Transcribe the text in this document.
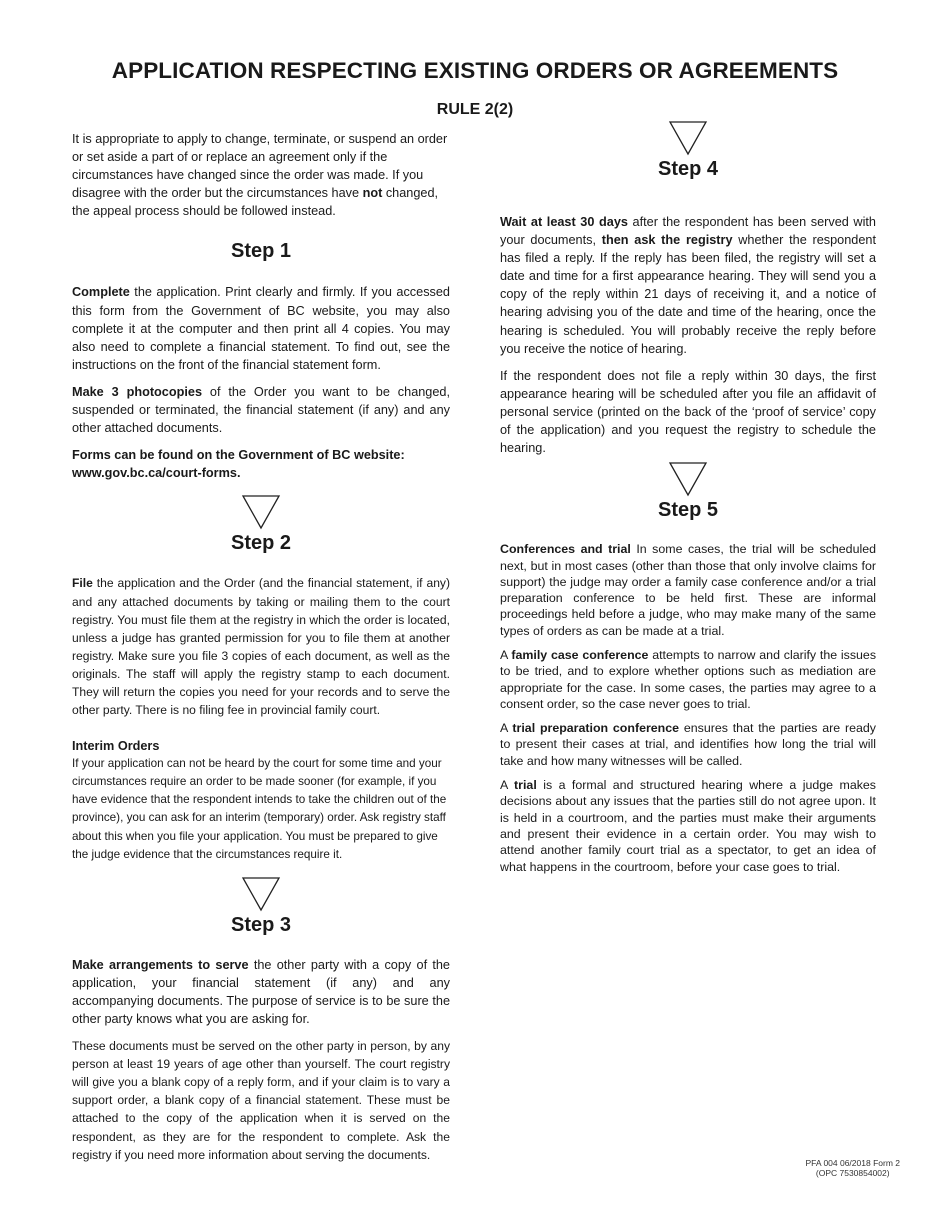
APPLICATION RESPECTING EXISTING ORDERS OR AGREEMENTS
RULE 2(2)

It is appropriate to apply to change, terminate, or suspend an order or set aside a part of or replace an agreement only if the circumstances have changed since the order was made. If you disagree with the order but the circumstances have not changed, the appeal process should be followed instead.

Step 1

Complete the application. Print clearly and firmly. If you accessed this form from the Government of BC website, you may also complete it at the computer and then print all 4 copies. You may also need to complete a financial statement. To find out, see the instructions on the front of the financial statement form.

Make 3 photocopies of the Order you want to be changed, suspended or terminated, the financial statement (if any) and any other attached documents.

Forms can be found on the Government of BC website:
www.gov.bc.ca/court-forms.

Step 2

File the application and the Order (and the financial statement, if any) and any attached documents by taking or mailing them to the court registry. You must file them at the registry in which the order is located, unless a judge has granted permission for you to file them at another registry. Make sure you file 3 copies of each document, as well as the originals. The staff will apply the registry stamp to each document. They will return the copies you need for your records and to serve the other party. There is no filing fee in provincial family court.

Interim Orders

If your application can not be heard by the court for some time and your circumstances require an order to be made sooner (for example, if you have evidence that the respondent intends to take the children out of the province), you can ask for an interim (temporary) order. Ask registry staff about this when you file your application. You must be prepared to give the judge evidence that the circumstances require it.

Step 3

Make arrangements to serve the other party with a copy of the application, your financial statement (if any) and any accompanying documents. The purpose of service is to be sure the other party knows what you are asking for.

These documents must be served on the other party in person, by any person at least 19 years of age other than yourself. The court registry will give you a blank copy of a reply form, and if your claim is to vary a support order, a blank copy of a financial statement. These must be attached to the copy of the application when it is served on the respondent, as they are for the respondent to complete. Ask the registry if you need more information about serving the documents.

Step 4

Wait at least 30 days after the respondent has been served with your documents, then ask the registry whether the respondent has filed a reply. If the reply has been filed, the registry will set a date and time for a first appearance hearing. They will send you a copy of the reply within 21 days of receiving it, and a notice of hearing advising you of the date and time of the hearing, once the hearing is scheduled. You will probably receive the reply before you receive the notice of hearing.

If the respondent does not file a reply within 30 days, the first appearance hearing will be scheduled after you file an affidavit of personal service (printed on the back of the ‘proof of service’ copy of the application) and you request the registry to schedule the hearing.

Step 5

Conferences and trial In some cases, the trial will be scheduled next, but in most cases (other than those that only involve claims for support) the judge may order a family case conference and/or a trial preparation conference to be held first. These are informal proceedings held before a judge, who may make many of the same types of orders as can be made at a trial.

A family case conference attempts to narrow and clarify the issues to be tried, and to explore whether options such as mediation are appropriate for the case. In some cases, the parties may agree to a consent order, so the case never goes to trial.

A trial preparation conference ensures that the parties are ready to present their cases at trial, and identifies how long the trial will take and how many witnesses will be called.

A trial is a formal and structured hearing where a judge makes decisions about any issues that the parties still do not agree upon. It is held in a courtroom, and the parties must make their arguments and present their evidence in a certain order. You may wish to attend another family court trial as a spectator, to get an idea of what happens in the courtroom, before your case goes to trial.

PFA 004 06/2018 Form 2
(OPC 7530854002)
